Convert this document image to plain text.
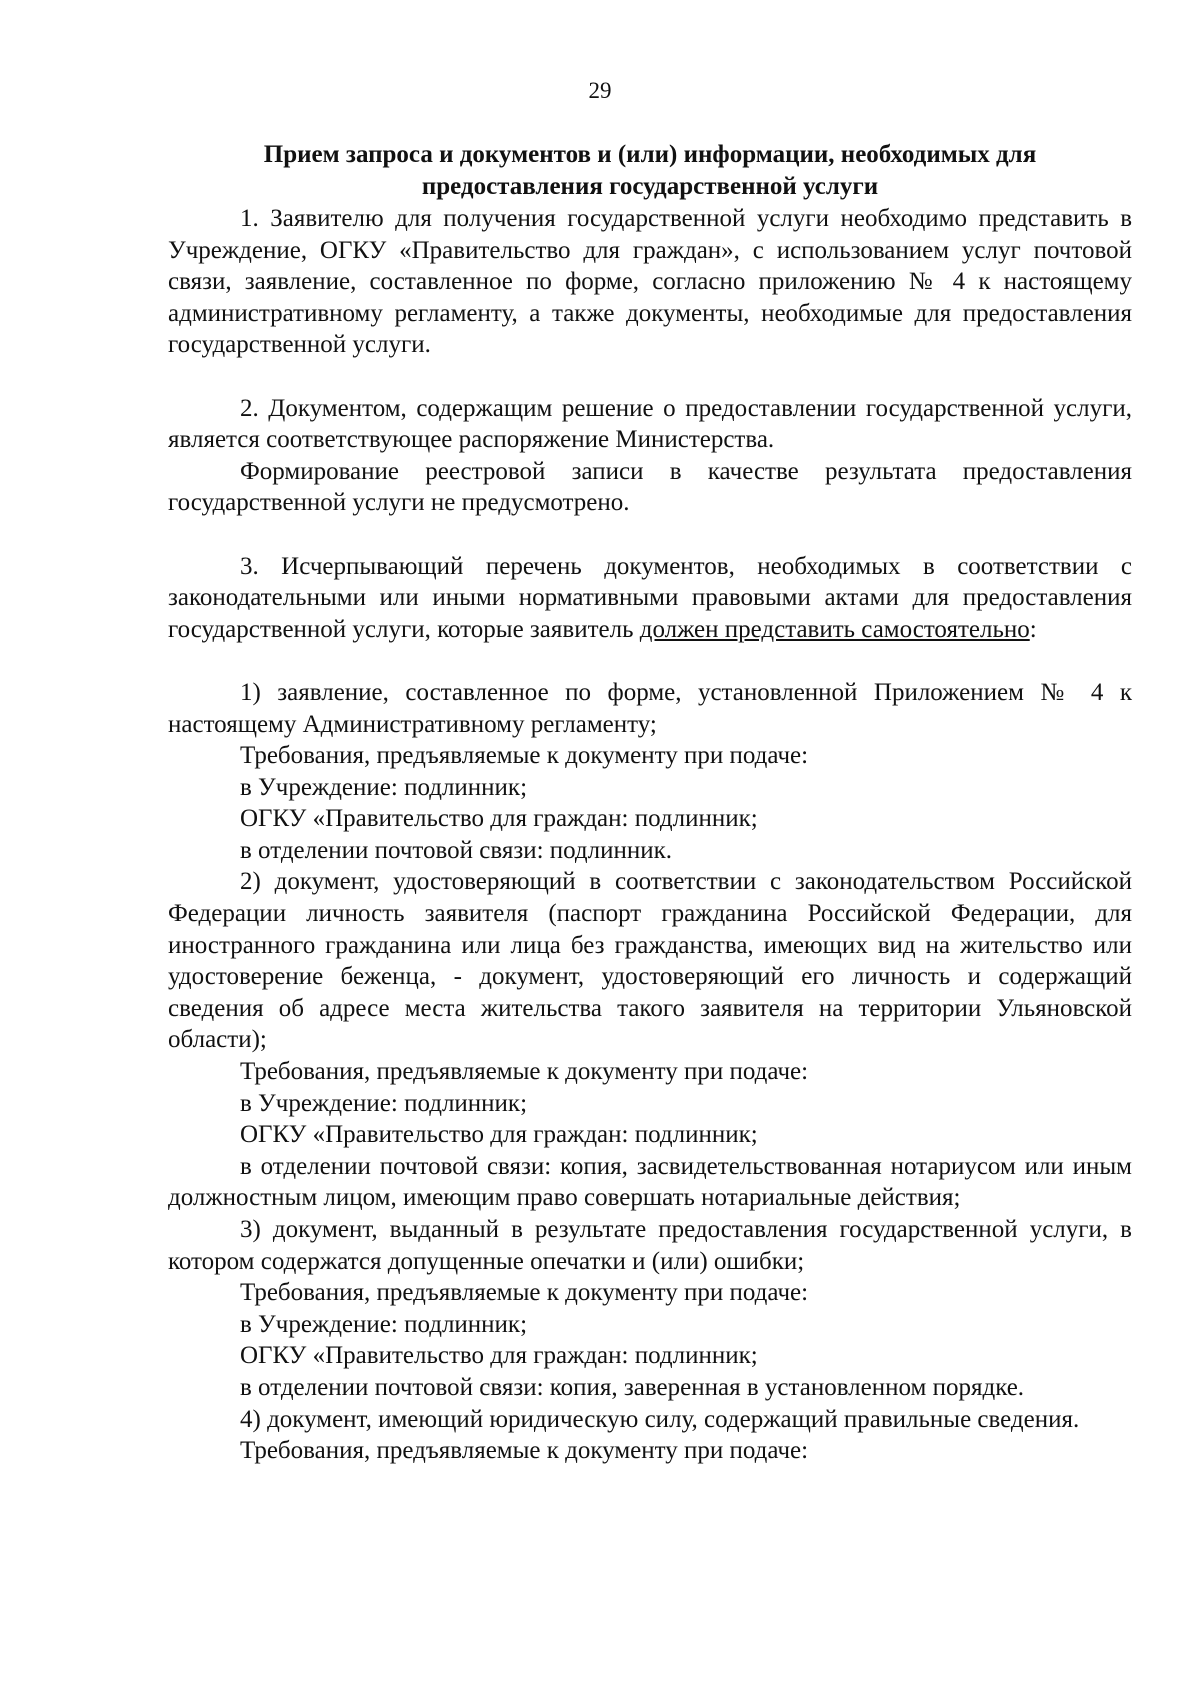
29
Прием запроса и документов и (или) информации, необходимых для
предоставления государственной услуги

1. Заявителю для получения государственной услуги необходимо представить в Учреждение, ОГКУ «Правительство для граждан», с использованием услуг почтовой связи, заявление, составленное по форме, согласно приложению № 4 к настоящему административному регламенту, а также документы, необходимые для предоставления государственной услуги.

2. Документом, содержащим решение о предоставлении государственной услуги, является соответствующее распоряжение Министерства.

Формирование реестровой записи в качестве результата предоставления государственной услуги не предусмотрено.

3. Исчерпывающий перечень документов, необходимых в соответствии с законодательными или иными нормативными правовыми актами для предоставления государственной услуги, которые заявитель должен представить самостоятельно:

1) заявление, составленное по форме, установленной Приложением № 4 к настоящему Административному регламенту;

Требования, предъявляемые к документу при подаче:

в Учреждение: подлинник;

ОГКУ «Правительство для граждан: подлинник;

в отделении почтовой связи: подлинник.

2) документ, удостоверяющий в соответствии с законодательством Российской Федерации личность заявителя (паспорт гражданина Российской Федерации, для иностранного гражданина или лица без гражданства, имеющих вид на жительство или удостоверение беженца, - документ, удостоверяющий его личность и содержащий сведения об адресе места жительства такого заявителя на территории Ульяновской области);

Требования, предъявляемые к документу при подаче:

в Учреждение: подлинник;

ОГКУ «Правительство для граждан: подлинник;

в отделении почтовой связи: копия, засвидетельствованная нотариусом или иным должностным лицом, имеющим право совершать нотариальные действия;

3) документ, выданный в результате предоставления государственной услуги, в котором содержатся допущенные опечатки и (или) ошибки;

Требования, предъявляемые к документу при подаче:

в Учреждение: подлинник;

ОГКУ «Правительство для граждан: подлинник;

в отделении почтовой связи: копия, заверенная в установленном порядке.

4) документ, имеющий юридическую силу, содержащий правильные сведения.

Требования, предъявляемые к документу при подаче:
